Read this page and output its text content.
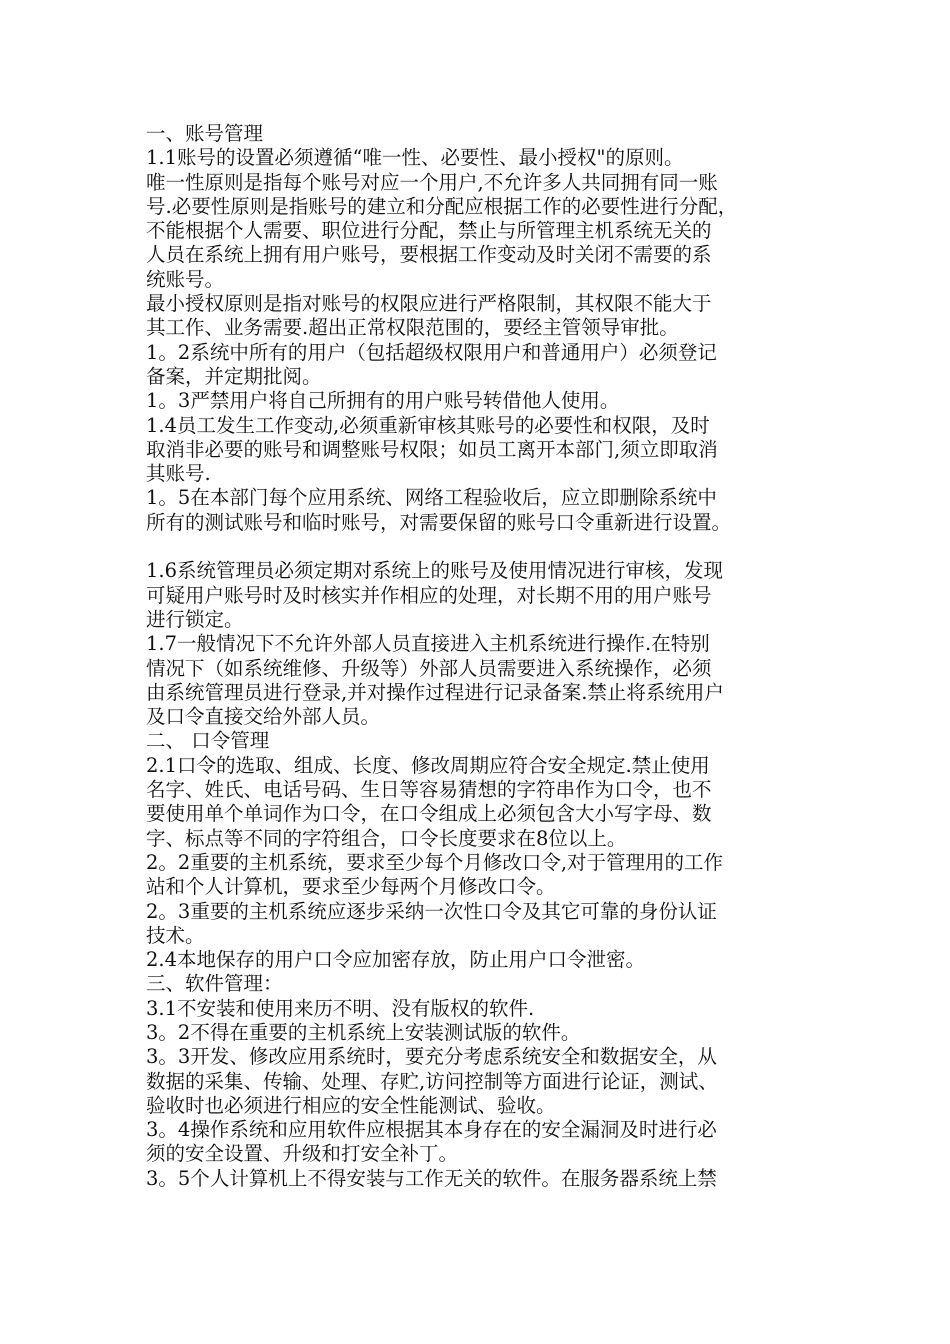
一、账号管理
1.1账号的设置必须遵循“唯一性、必要性、最小授权"的原则。
唯一性原则是指每个账号对应一个用户,不允许多人共同拥有同一账
号.必要性原则是指账号的建立和分配应根据工作的必要性进行分配，
不能根据个人需要、职位进行分配，禁止与所管理主机系统无关的
人员在系统上拥有用户账号，要根据工作变动及时关闭不需要的系
统账号。
最小授权原则是指对账号的权限应进行严格限制，其权限不能大于
其工作、业务需要.超出正常权限范围的，要经主管领导审批。
1。2系统中所有的用户（包括超级权限用户和普通用户）必须登记
备案，并定期批阅。
1。3严禁用户将自己所拥有的用户账号转借他人使用。
1.4员工发生工作变动,必须重新审核其账号的必要性和权限，及时
取消非必要的账号和调整账号权限；如员工离开本部门,须立即取消
其账号.
1。5在本部门每个应用系统、网络工程验收后，应立即删除系统中
所有的测试账号和临时账号，对需要保留的账号口令重新进行设置。
1.6系统管理员必须定期对系统上的账号及使用情况进行审核，发现
可疑用户账号时及时核实并作相应的处理，对长期不用的用户账号
进行锁定。
1.7一般情况下不允许外部人员直接进入主机系统进行操作.在特别
情况下（如系统维修、升级等）外部人员需要进入系统操作，必须
由系统管理员进行登录,并对操作过程进行记录备案.禁止将系统用户
及口令直接交给外部人员。
二、 口令管理
2.1口令的选取、组成、长度、修改周期应符合安全规定.禁止使用
名字、姓氏、电话号码、生日等容易猜想的字符串作为口令，也不
要使用单个单词作为口令，在口令组成上必须包含大小写字母、数
字、标点等不同的字符组合，口令长度要求在8位以上。
2。2重要的主机系统，要求至少每个月修改口令,对于管理用的工作
站和个人计算机，要求至少每两个月修改口令。
2。3重要的主机系统应逐步采纳一次性口令及其它可靠的身份认证
技术。
2.4本地保存的用户口令应加密存放，防止用户口令泄密。
三、软件管理：
3.1不安装和使用来历不明、没有版权的软件.
3。2不得在重要的主机系统上安装测试版的软件。
3。3开发、修改应用系统时，要充分考虑系统安全和数据安全，从
数据的采集、传输、处理、存贮,访问控制等方面进行论证，测试、
验收时也必须进行相应的安全性能测试、验收。
3。4操作系统和应用软件应根据其本身存在的安全漏洞及时进行必
须的安全设置、升级和打安全补丁。
3。5个人计算机上不得安装与工作无关的软件。在服务器系统上禁
